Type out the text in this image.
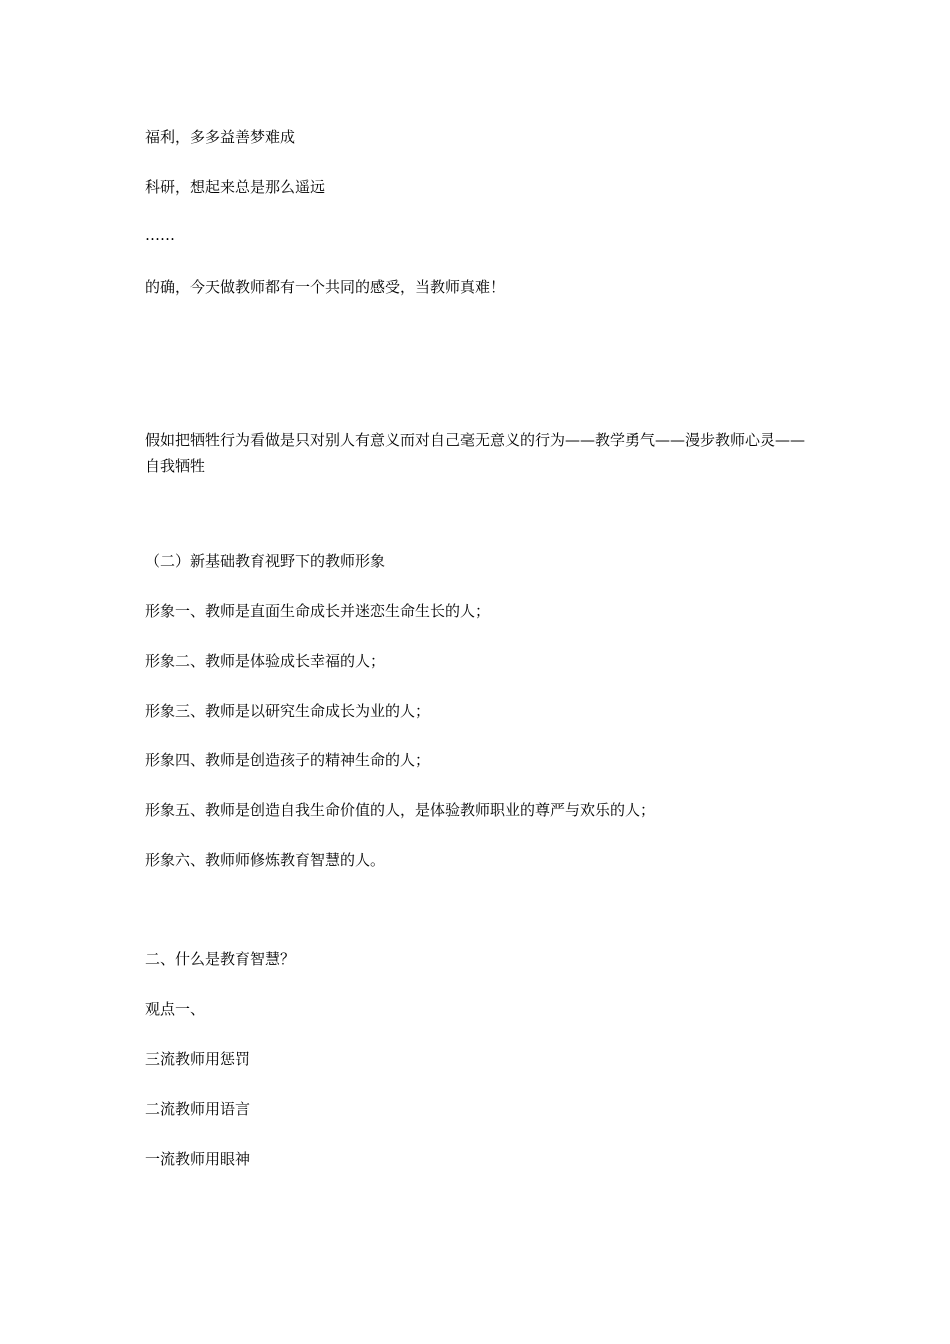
福利，多多益善梦难成

科研，想起来总是那么遥远

……

的确，今天做教师都有一个共同的感受，当教师真难！

假如把牺牲行为看做是只对别人有意义而对自己毫无意义的行为——教学勇气——漫步教师心灵——自我牺牲

（二）新基础教育视野下的教师形象

形象一、教师是直面生命成长并迷恋生命生长的人；

形象二、教师是体验成长幸福的人；

形象三、教师是以研究生命成长为业的人；

形象四、教师是创造孩子的精神生命的人；

形象五、教师是创造自我生命价值的人，是体验教师职业的尊严与欢乐的人；

形象六、教师师修炼教育智慧的人。

二、什么是教育智慧？

观点一、

三流教师用惩罚

二流教师用语言

一流教师用眼神
